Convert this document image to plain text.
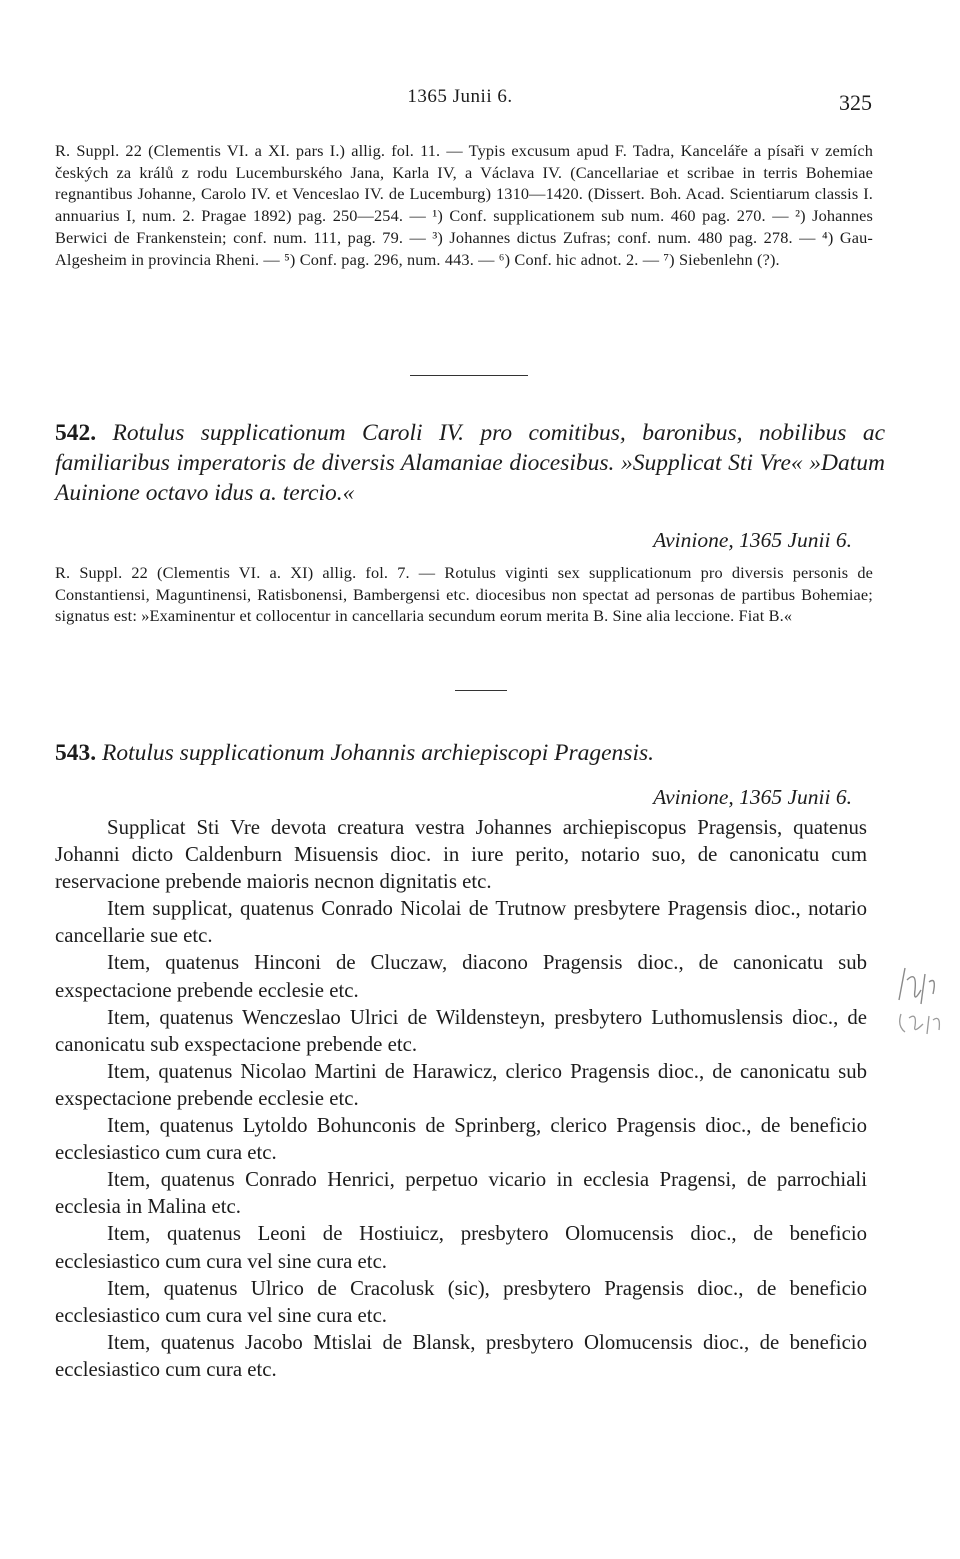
1365 Junii 6.	325
R. Suppl. 22 (Clementis VI. a XI. pars I.) allig. fol. 11. — Typis excusum apud F. Tadra, Kanceláře a písaři v zemích českých za králů z rodu Lucemburského Jana, Karla IV, a Václava IV. (Cancellariae et scribae in terris Bohemiae regnantibus Johanne, Carolo IV. et Venceslao IV. de Lucemburg) 1310—1420. (Dissert. Boh. Acad. Scientiarum classis I. annuarius I, num. 2. Pragae 1892) pag. 250—254. — ¹) Conf. supplicationem sub num. 460 pag. 270. — ²) Johannes Berwici de Frankenstein; conf. num. 111, pag. 79. — ³) Johannes dictus Zufras; conf. num. 480 pag. 278. — ⁴) Gau-Algesheim in provincia Rheni. — ⁵) Conf. pag. 296, num. 443. — ⁶) Conf. hic adnot. 2. — ⁷) Siebenlehn (?).
542. Rotulus supplicationum Caroli IV. pro comitibus, baronibus, nobilibus ac familiaribus imperatoris de diversis Alamaniae diocesibus. »Supplicat Sti Vre« »Datum Auinione octavo idus a. tercio.«
Avinione, 1365 Junii 6.
R. Suppl. 22 (Clementis VI. a. XI) allig. fol. 7. — Rotulus viginti sex supplicationum pro diversis personis de Constantiensi, Maguntinensi, Ratisbonensi, Bambergensi etc. diocesibus non spectat ad personas de partibus Bohemiae; signatus est: »Examinentur et collocentur in cancellaria secundum eorum merita B. Sine alia leccione. Fiat B.«
543. Rotulus supplicationum Johannis archiepiscopi Pragensis.
Avinione, 1365 Junii 6.

Supplicat Sti Vre devota creatura vestra Johannes archiepiscopus Pragensis, quatenus Johanni dicto Caldenburn Misuensis dioc. in iure perito, notario suo, de canonicatu cum reservacione prebende maioris necnon dignitatis etc.

Item supplicat, quatenus Conrado Nicolai de Trutnow presbytere Pragensis dioc., notario cancellarie sue etc.

Item, quatenus Hinconi de Cluczaw, diacono Pragensis dioc., de canonicatu sub exspectacione prebende ecclesie etc.

Item, quatenus Wenczeslao Ulrici de Wildensteyn, presbytero Luthomuslensis dioc., de canonicatu sub exspectacione prebende etc.

Item, quatenus Nicolao Martini de Harawicz, clerico Pragensis dioc., de canonicatu sub exspectacione prebende ecclesie etc.

Item, quatenus Lytoldo Bohunconis de Sprinberg, clerico Pragensis dioc., de beneficio ecclesiastico cum cura etc.

Item, quatenus Conrado Henrici, perpetuo vicario in ecclesia Pragensi, de parrochiali ecclesia in Malina etc.

Item, quatenus Leoni de Hostiuicz, presbytero Olomucensis dioc., de beneficio ecclesiastico cum cura vel sine cura etc.

Item, quatenus Ulrico de Cracolusk (sic), presbytero Pragensis dioc., de beneficio ecclesiastico cum cura vel sine cura etc.

Item, quatenus Jacobo Mtislai de Blansk, presbytero Olomucensis dioc., de beneficio ecclesiastico cum cura etc.
